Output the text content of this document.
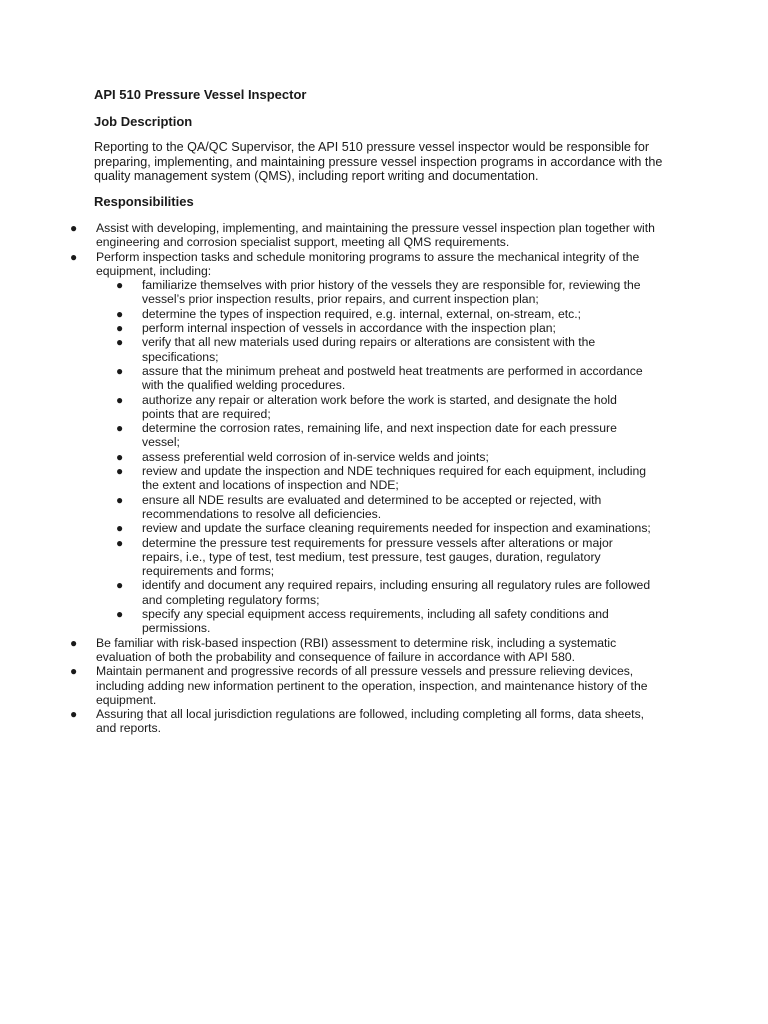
API 510 Pressure Vessel Inspector
Job Description

Reporting to the QA/QC Supervisor, the API 510 pressure vessel inspector would be responsible for preparing, implementing, and maintaining pressure vessel inspection programs in accordance with the quality management system (QMS), including report writing and documentation.

Responsibilities
● Assist with developing, implementing, and maintaining the pressure vessel inspection plan together with engineering and corrosion specialist support, meeting all QMS requirements.
● Perform inspection tasks and schedule monitoring programs to assure the mechanical integrity of the equipment, including:
● familiarize themselves with prior history of the vessels they are responsible for, reviewing the vessel’s prior inspection results, prior repairs, and current inspection plan;
● determine the types of inspection required, e.g. internal, external, on-stream, etc.;
● perform internal inspection of vessels in accordance with the inspection plan;
● verify that all new materials used during repairs or alterations are consistent with the specifications;
● assure that the minimum preheat and postweld heat treatments are performed in accordance with the qualified welding procedures.
● authorize any repair or alteration work before the work is started, and designate the hold points that are required;
● determine the corrosion rates, remaining life, and next inspection date for each pressure vessel;
● assess preferential weld corrosion of in-service welds and joints;
● review and update the inspection and NDE techniques required for each equipment, including the extent and locations of inspection and NDE;
● ensure all NDE results are evaluated and determined to be accepted or rejected, with recommendations to resolve all deficiencies.
● review and update the surface cleaning requirements needed for inspection and examinations;
● determine the pressure test requirements for pressure vessels after alterations or major repairs, i.e., type of test, test medium, test pressure, test gauges, duration, regulatory requirements and forms;
● identify and document any required repairs, including ensuring all regulatory rules are followed and completing regulatory forms;
● specify any special equipment access requirements, including all safety conditions and permissions.
● Be familiar with risk-based inspection (RBI) assessment to determine risk, including a systematic evaluation of both the probability and consequence of failure in accordance with API 580.
● Maintain permanent and progressive records of all pressure vessels and pressure relieving devices, including adding new information pertinent to the operation, inspection, and maintenance history of the equipment.
● Assuring that all local jurisdiction regulations are followed, including completing all forms, data sheets, and reports.
